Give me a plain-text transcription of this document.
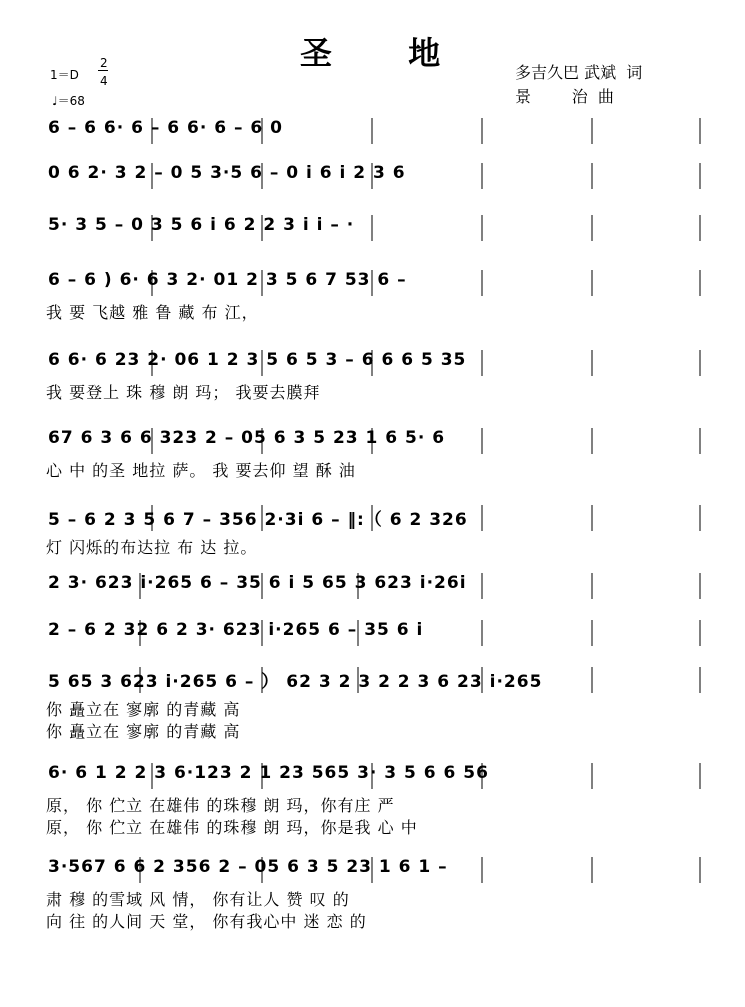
圣  地
多吉久巴 武斌  词
景        治  曲
1＝D
2
4
♩＝68
6 – 6 6· 6 – 6 6· 6 – 6 0
0 6 2· 3 2 – 0 5 3·5 6 – 0 i 6 i 2 3 6
5· 3 5 – 0 3 5 6 i 6 2 2 3 i i – ·
6 – 6 ) 6· 6 3 2· 01 2 3 5 6 7 53 6 –
我 要 飞越 雅 鲁 藏 布 江，
6 6· 6 23 2· 06 1 2 3 5 6 5 3 – 6 6 6 5 35
我 要登上 珠 穆 朗 玛； 我要去膜拜
67 6 3 6 6 323 2 – 05 6 3 5 23 1 6 5· 6
心 中 的圣 地拉 萨。 我 要去仰 望 酥 油
5 – 6 2 3 5 6 7 – 356 2·3i 6 – ‖:（ 6 2 326
灯 闪烁的布达拉 布 达 拉。
2 3· 623 i·265 6 – 35 6 i 5 65 3 623 i·26i
2 – 6 2 32 6 2 3· 623 i·265 6 – 35 6 i
5 65 3 623 i·265 6 – ） 62 3 2 3 2 2 3 6 23 i·265
你 矗立在 寥廓 的青藏 高
你 矗立在 寥廓 的青藏 高
6· 6 1 2 2 3 6·123 2 1 23 565 3· 3 5 6 6 56
原， 你 伫立 在雄伟 的珠穆 朗 玛，你有庄 严
原， 你 伫立 在雄伟 的珠穆 朗 玛，你是我 心 中
3·567 6 6 2 356 2 – 05 6 3 5 23 1 6 1 –
肃 穆 的雪域 风 情， 你有让人 赞 叹 的
向 往 的人间 天 堂， 你有我心中 迷 恋 的
